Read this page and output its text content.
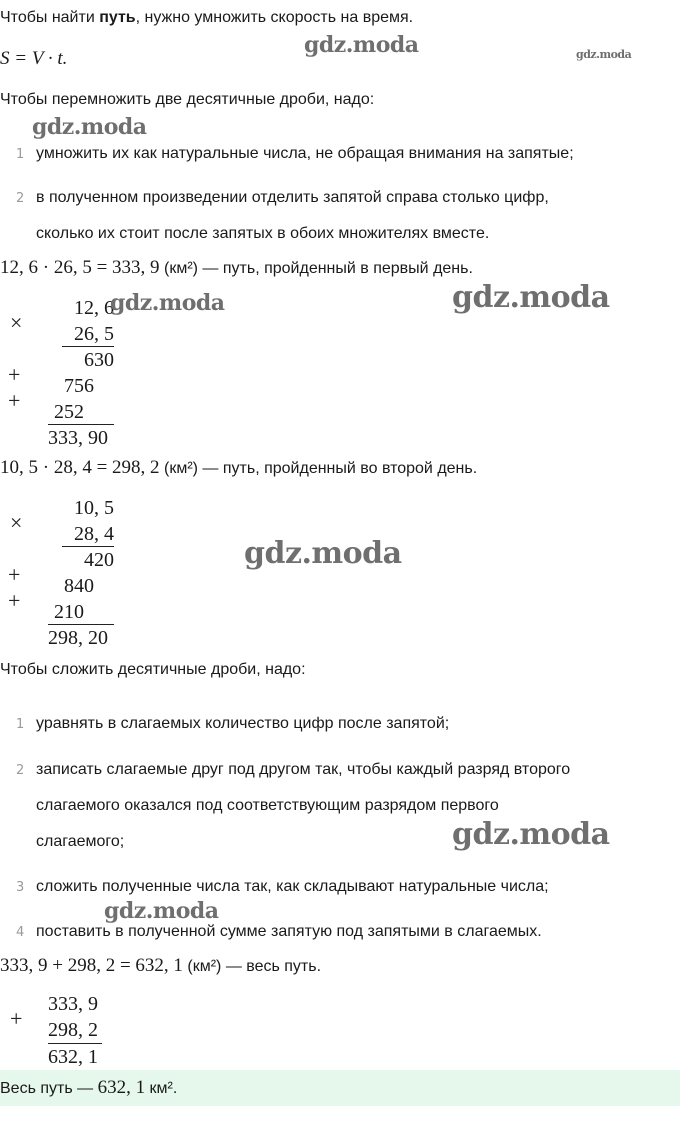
Чтобы найти путь, нужно умножить скорость на время.
S = V · t.
Чтобы перемножить две десятичные дроби, надо:
1 умножить их как натуральные числа, не обращая внимания на запятые;
2 в полученном произведении отделить запятой справа столько цифр,
сколько их стоит после запятых в обоих множителях вместе.
12, 6 · 26, 5 = 333, 9 (км²) — путь, пройденный в первый день.
×
12, 6
26, 5
630
+ 756
+ 252
333, 90
10, 5 · 28, 4 = 298, 2 (км²) — путь, пройденный во второй день.
×
10, 5
28, 4
420
+ 840
+ 210
298, 20
Чтобы сложить десятичные дроби, надо:
1 уравнять в слагаемых количество цифр после запятой;
2 записать слагаемые друг под другом так, чтобы каждый разряд второго
слагаемого оказался под соответствующим разрядом первого
слагаемого;
3 сложить полученные числа так, как складывают натуральные числа;
4 поставить в полученной сумме запятую под запятыми в слагаемых.
333, 9 + 298, 2 = 632, 1 (км²) — весь путь.
+
333, 9
298, 2
632, 1
Весь путь — 632, 1 км².
gdz.moda	gdz.moda
gdz.moda
gdz.moda	gdz.moda
gdz.moda
gdz.moda
gdz.moda
